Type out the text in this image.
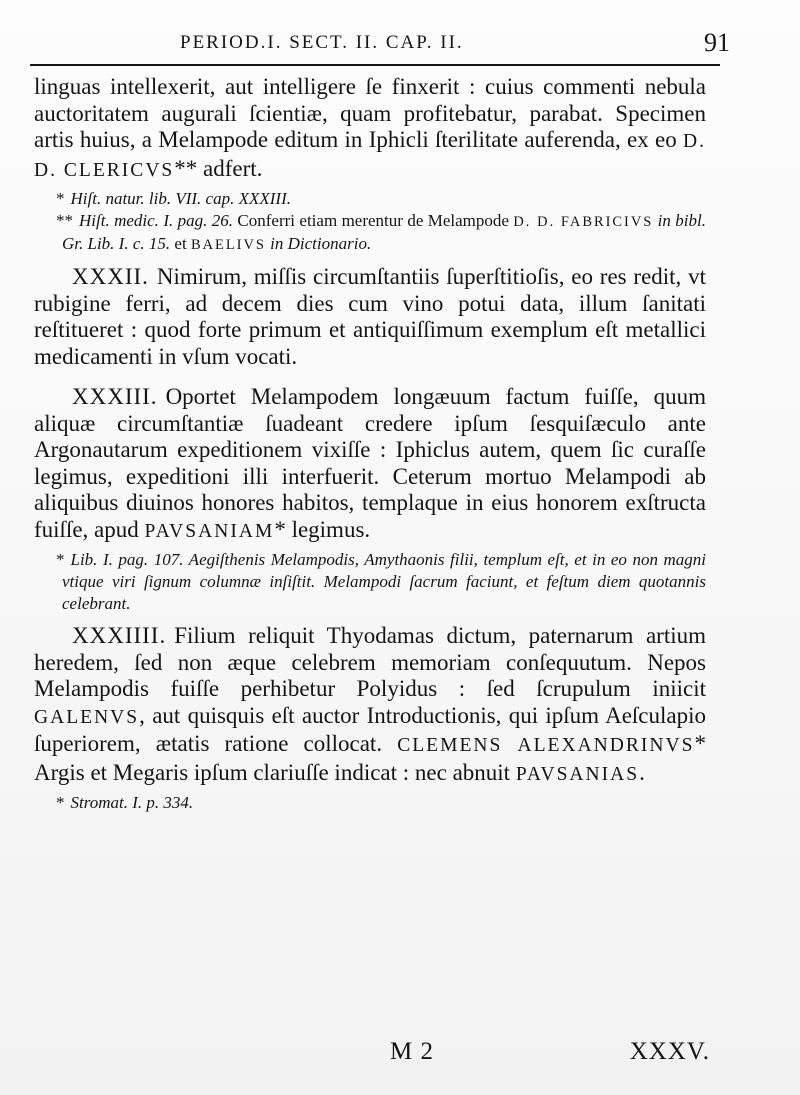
PERIOD.I. SECT. II. CAP. II.	91

linguas intellexerit, aut intelligere ſe finxerit : cuius commenti nebula auctoritatem augurali ſcientiæ, quam profitebatur, parabat. Specimen artis huius, a Melampode editum in Iphicli ſterilitate auferenda, ex eo D. D. CLERICVS** adfert.

* Hiſt. natur. lib. VII. cap. XXXIII.
** Hiſt. medic. I. pag. 26. Conferri etiam merentur de Melampode D. D. FABRICIVS in bibl. Gr. Lib. I. c. 15. et BAELIVS in Dictionario.

XXXII. Nimirum, miſſis circumſtantiis ſuperſtitioſis, eo res redit, vt rubigine ferri, ad decem dies cum vino potui data, illum ſanitati reſtitueret : quod forte primum et antiquiſſimum exemplum eſt metallici medicamenti in vſum vocati.

XXXIII. Oportet Melampodem longæuum factum fuiſſe, quum aliquæ circumſtantiæ ſuadeant credere ipſum ſesquiſæculo ante Argonautarum expeditionem vixiſſe : Iphiclus autem, quem ſic curaſſe legimus, expeditioni illi interfuerit. Ceterum mortuo Melampodi ab aliquibus diuinos honores habitos, templaque in eius honorem exſtructa fuiſſe, apud PAVSANIAM* legimus.

* Lib. I. pag. 107. Aegiſthenis Melampodis, Amythaonis filii, templum eſt, et in eo non magni vtique viri ſignum columnæ inſiſtit. Melampodi ſacrum faciunt, et feſtum diem quotannis celebrant.

XXXIIII. Filium reliquit Thyodamas dictum, paternarum artium heredem, ſed non æque celebrem memoriam conſequutum. Nepos Melampodis fuiſſe perhibetur Polyidus : ſed ſcrupulum iniicit GALENVS, aut quisquis eſt auctor Introductionis, qui ipſum Aeſculapio ſuperiorem, ætatis ratione collocat. CLEMENS ALEXANDRINVS* Argis et Megaris ipſum clariuſſe indicat : nec abnuit PAVSANIAS.

* Stromat. I. p. 334.
M 2	XXXV.
